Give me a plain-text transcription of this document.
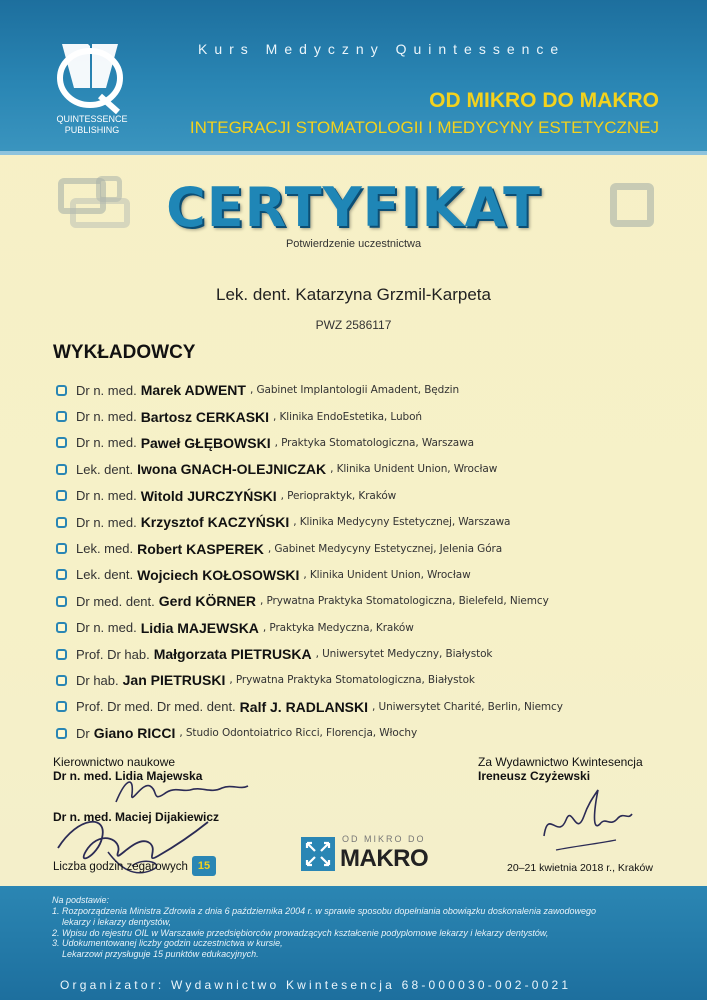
QUINTESSENCE
PUBLISHING
Kurs Medyczny Quintessence
OD MIKRO DO MAKRO
INTEGRACJI STOMATOLOGII I MEDYCYNY ESTETYCZNEJ
CERTYFIKAT
Potwierdzenie uczestnictwa
Lek. dent. Katarzyna Grzmil-Karpeta
PWZ 2586117
WYKŁADOWCY
Dr n. med. Marek ADWENT , Gabinet Implantologii Amadent, Będzin
Dr n. med. Bartosz CERKASKI , Klinika EndoEstetika, Luboń
Dr n. med. Paweł GŁĘBOWSKI , Praktyka Stomatologiczna, Warszawa
Lek. dent. Iwona GNACH-OLEJNICZAK , Klinika Unident Union, Wrocław
Dr n. med. Witold JURCZYŃSKI , Periopraktyk, Kraków
Dr n. med. Krzysztof KACZYŃSKI , Klinika Medycyny Estetycznej, Warszawa
Lek. med. Robert KASPEREK , Gabinet Medycyny Estetycznej, Jelenia Góra
Lek. dent. Wojciech KOŁOSOWSKI , Klinika Unident Union, Wrocław
Dr med. dent. Gerd KÖRNER , Prywatna Praktyka Stomatologiczna, Bielefeld, Niemcy
Dr n. med. Lidia MAJEWSKA , Praktyka Medyczna, Kraków
Prof. Dr hab. Małgorzata PIETRUSKA , Uniwersytet Medyczny, Białystok
Dr hab. Jan PIETRUSKI , Prywatna Praktyka Stomatologiczna, Białystok
Prof. Dr med. Dr med. dent. Ralf J. RADLANSKI , Uniwersytet Charité, Berlin, Niemcy
Dr Giano RICCI , Studio Odontoiatrico Ricci, Florencja, Włochy
Kierownictwo naukowe
Dr n. med. Lidia Majewska
Dr n. med. Maciej Dijakiewicz
Liczba godzin zegarowych 15
Za Wydawnictwo Kwintesencja
Ireneusz Czyżewski
20–21 kwietnia 2018 r., Kraków
OD MIKRO DO
MAKRO
Na podstawie:
1. Rozporządzenia Ministra Zdrowia z dnia 6 października 2004 r. w sprawie sposobu dopełniania obowiązku doskonalenia zawodowego
lekarzy i lekarzy dentystów,
2. Wpisu do rejestru OIL w Warszawie przedsiębiorców prowadzących kształcenie podyplomowe lekarzy i lekarzy dentystów,
3. Udokumentowanej liczby godzin uczestnictwa w kursie,
Lekarzowi przysługuje 15 punktów edukacyjnych.
Organizator: Wydawnictwo Kwintesencja 68-000030-002-0021
